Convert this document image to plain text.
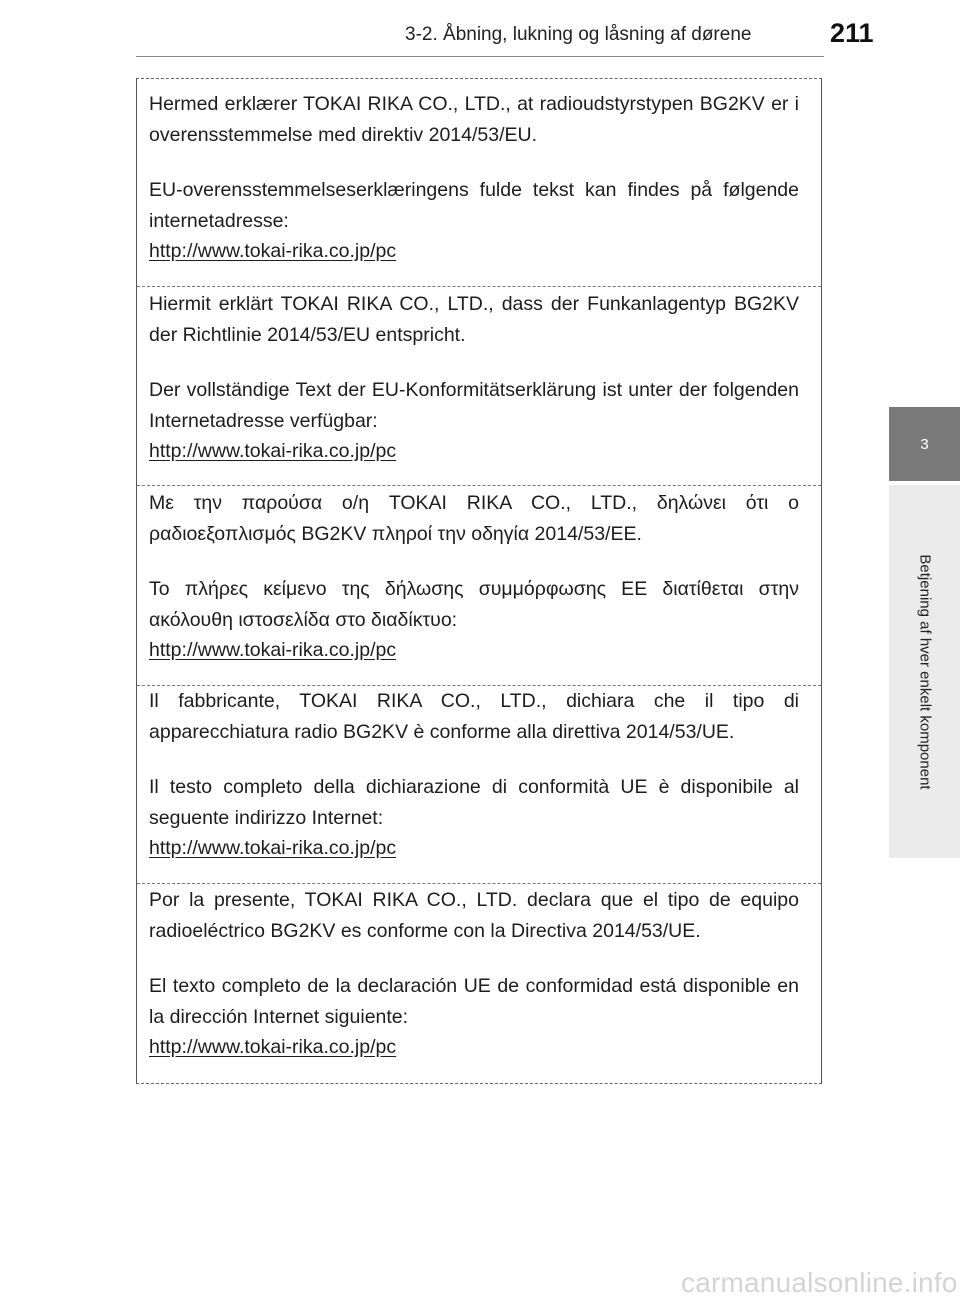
3-2. Åbning, lukning og låsning af dørene	211
3
Betjening af hver enkelt komponent

Hermed erklærer TOKAI RIKA CO., LTD., at radioudstyrstypen BG2KV er i overensstemmelse med direktiv 2014/53/EU.

EU-overensstemmelseserklæringens fulde tekst kan findes på følgende internetadresse:

http://www.tokai-rika.co.jp/pc

Hiermit erklärt TOKAI RIKA CO., LTD., dass der Funkanlagentyp BG2KV der Richtlinie 2014/53/EU entspricht.

Der vollständige Text der EU-Konformitätserklärung ist unter der folgenden Internetadresse verfügbar:

http://www.tokai-rika.co.jp/pc

Με την παρούσα ο/η TOKAI RIKA CO., LTD., δηλώνει ότι ο ραδιοεξοπλισμός BG2KV πληροί την οδηγία 2014/53/ΕΕ.

Το πλήρες κείμενο της δήλωσης συμμόρφωσης ΕΕ διατίθεται στην ακόλουθη ιστοσελίδα στο διαδίκτυο:

http://www.tokai-rika.co.jp/pc

Il fabbricante, TOKAI RIKA CO., LTD., dichiara che il tipo di apparecchiatura radio BG2KV è conforme alla direttiva 2014/53/UE.

Il testo completo della dichiarazione di conformità UE è disponibile al seguente indirizzo Internet:

http://www.tokai-rika.co.jp/pc

Por la presente, TOKAI RIKA CO., LTD. declara que el tipo de equipo radioeléctrico BG2KV es conforme con la Directiva 2014/53/UE.

El texto completo de la declaración UE de conformidad está disponible en la dirección Internet siguiente:

http://www.tokai-rika.co.jp/pc
carmanualsonline.info
